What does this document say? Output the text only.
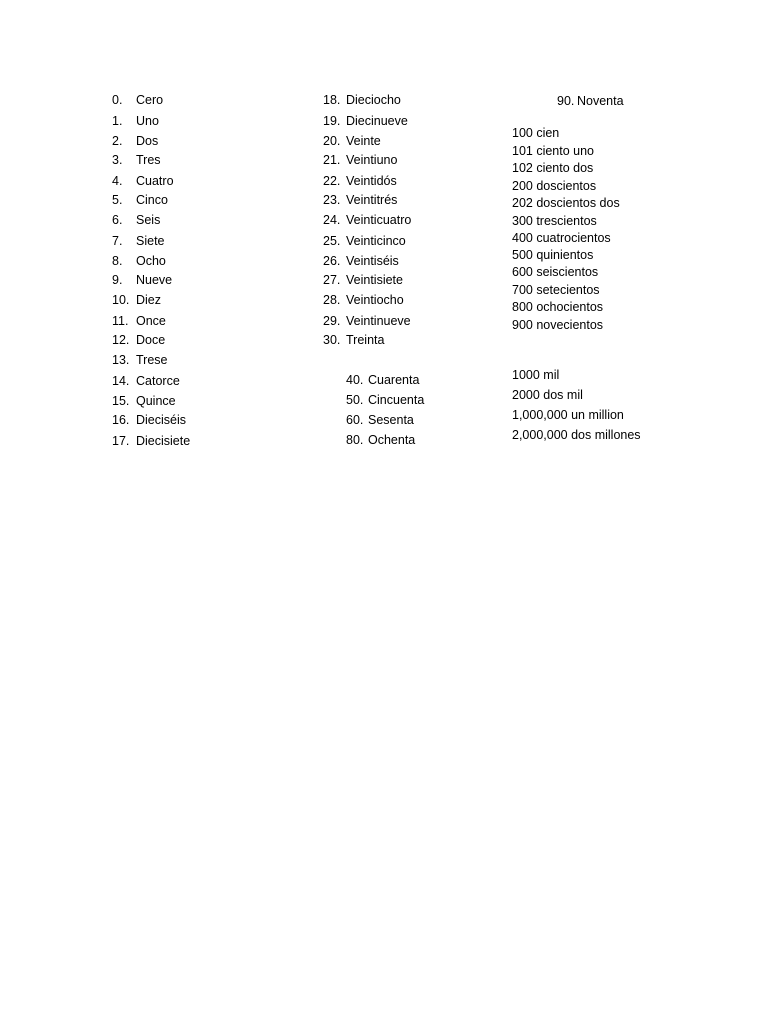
0. Cero
1. Uno
2. Dos
3. Tres
4. Cuatro
5. Cinco
6. Seis
7. Siete
8. Ocho
9. Nueve
10. Diez
11. Once
12. Doce
13. Trese
14. Catorce
15. Quince
16. Dieciséis
17. Diecisiete
18. Dieciocho
19. Diecinueve
20. Veinte
21. Veintiuno
22. Veintidós
23. Veintitrés
24. Veinticuatro
25. Veinticinco
26. Veintiséis
27. Veintisiete
28. Veintiocho
29. Veintinueve
30. Treinta
40. Cuarenta
50. Cincuenta
60. Sesenta
80. Ochenta
90. Noventa
100 cien
101 ciento uno
102 ciento dos
200 doscientos
202 doscientos dos
300 trescientos
400 cuatrocientos
500 quinientos
600 seiscientos
700 setecientos
800 ochocientos
900 novecientos
1000 mil
2000 dos mil
1,000,000 un million
2,000,000 dos millones
